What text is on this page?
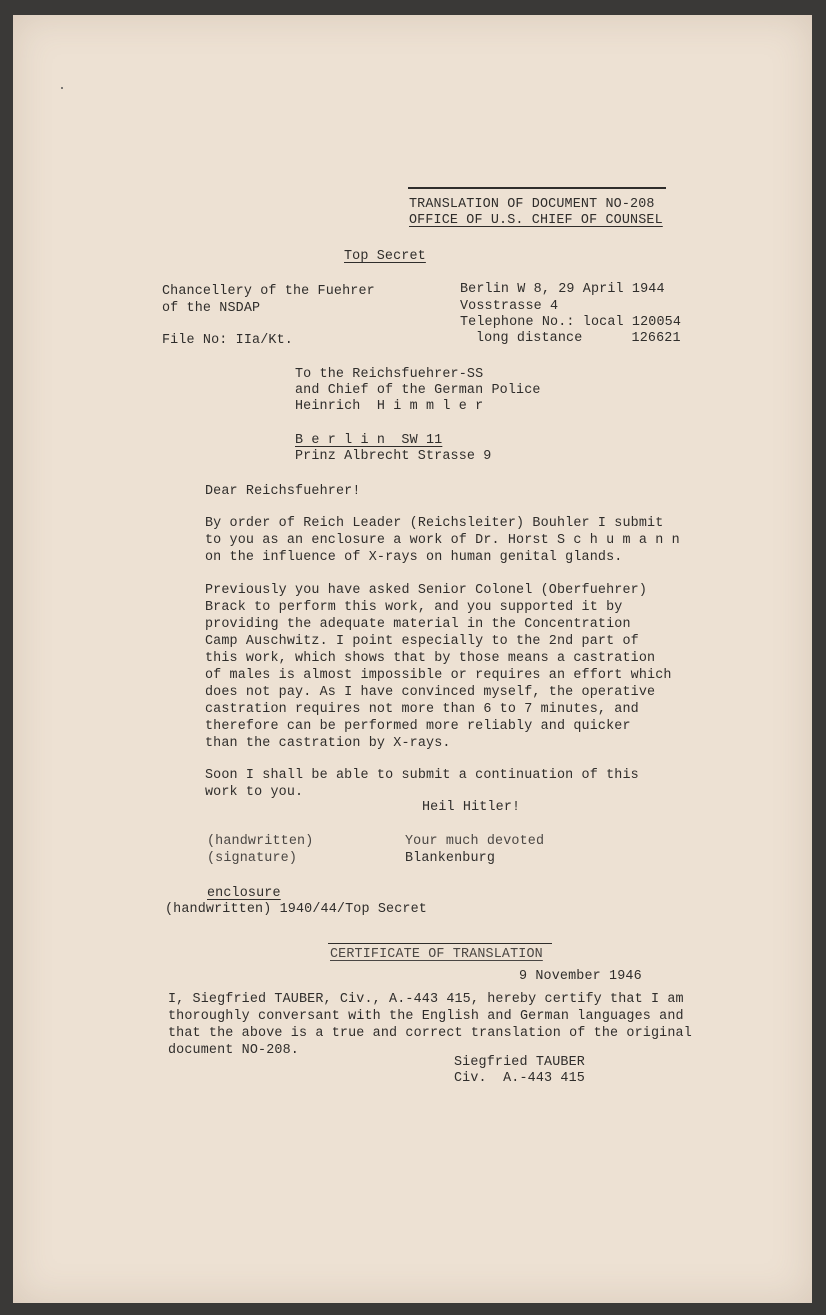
TRANSLATION OF DOCUMENT NO-208
OFFICE OF U.S. CHIEF OF COUNSEL
Top Secret
Chancellery of the Fuehrer
of the NSDAP
File No: IIa/Kt.
Berlin W 8, 29 April 1944
Vosstrasse 4
Telephone No.: local 120054
long distance      126621
To the Reichsfuehrer-SS
and Chief of the German Police
Heinrich  H i m m l e r
B e r l i n  SW 11
Prinz Albrecht Strasse 9
Dear Reichsfuehrer!
By order of Reich Leader (Reichsleiter) Bouhler I submit
to you as an enclosure a work of Dr. Horst S c h u m a n n
on the influence of X-rays on human genital glands.
Previously you have asked Senior Colonel (Oberfuehrer)
Brack to perform this work, and you supported it by
providing the adequate material in the Concentration
Camp Auschwitz. I point especially to the 2nd part of
this work, which shows that by those means a castration
of males is almost impossible or requires an effort which
does not pay. As I have convinced myself, the operative
castration requires not more than 6 to 7 minutes, and
therefore can be performed more reliably and quicker
than the castration by X-rays.
Soon I shall be able to submit a continuation of this
work to you.
Heil Hitler!
(handwritten)
(signature)
Your much devoted
Blankenburg
enclosure
(handwritten) 1940/44/Top Secret
CERTIFICATE OF TRANSLATION
9 November 1946
I, Siegfried TAUBER, Civ., A.-443 415, hereby certify that I am
thoroughly conversant with the English and German languages and
that the above is a true and correct translation of the original
document NO-208.
Siegfried TAUBER
Civ.  A.-443 415
